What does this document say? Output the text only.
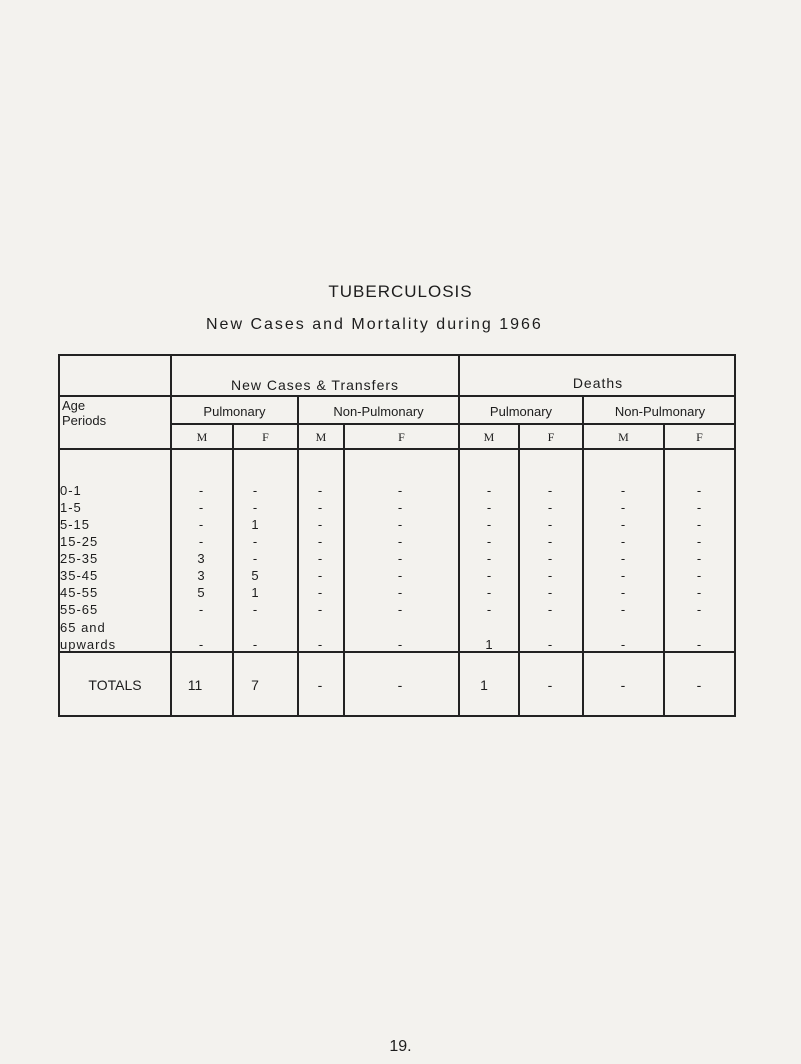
TUBERCULOSIS
New Cases and Mortality during 1966
New Cases & Transfers	Deaths
Age
Periods
Pulmonary	Non-Pulmonary	Pulmonary	Non-Pulmonary
M	F	M	F	M	F	M	F
0-1	-	-	-	-	-	-	-	-
1-5	-	-	-	-	-	-	-	-
5-15	-	1	-	-	-	-	-	-
15-25	-	-	-	-	-	-	-	-
25-35	3	-	-	-	-	-	-	-
35-45	3	5	-	-	-	-	-	-
45-55	5	1	-	-	-	-	-	-
55-65	-	-	-	-	-	-	-	-
65 and
upwards	-	-	-	-	1	-	-	-
TOTALS	11	7	-	-	1	-	-	-
19.
